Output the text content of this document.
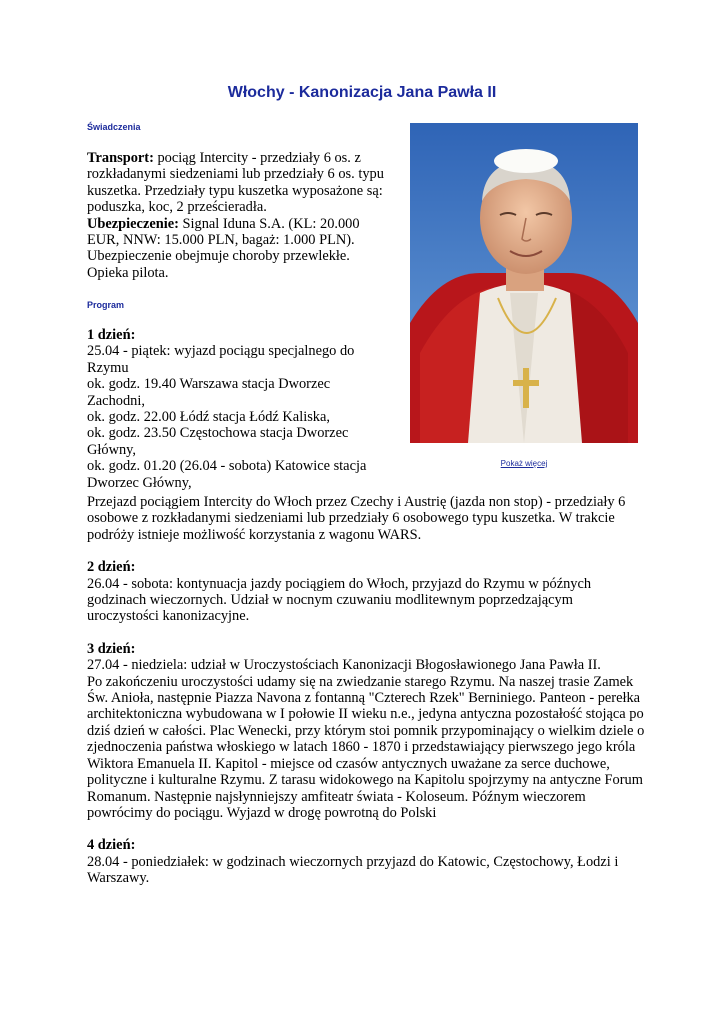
Włochy - Kanonizacja Jana Pawła II
Świadczenia

Transport: pociąg Intercity - przedziały 6 os. z rozkładanymi siedzeniami lub przedziały 6 os. typu kuszetka. Przedziały typu kuszetka wyposażone są: poduszka, koc, 2 prześcieradła.

Ubezpieczenie: Signal Iduna S.A. (KL: 20.000 EUR, NNW: 15.000 PLN, bagaż: 1.000 PLN). Ubezpieczenie obejmuje choroby przewlekłe.

Opieka pilota.

Program

1 dzień:

25.04 - piątek: wyjazd pociągu specjalnego do Rzymu

ok. godz. 19.40 Warszawa stacja Dworzec Zachodni,

ok. godz. 22.00 Łódź stacja Łódź Kaliska,

ok. godz. 23.50 Częstochowa stacja Dworzec Główny,

ok. godz. 01.20 (26.04 - sobota) Katowice stacja Dworzec Główny,

Przejazd pociągiem Intercity do Włoch przez Czechy i Austrię (jazda non stop) - przedziały 6 osobowe z rozkładanymi siedzeniami lub przedziały 6 osobowego typu kuszetka. W trakcie podróży istnieje możliwość korzystania z wagonu WARS.

2 dzień:

26.04 - sobota: kontynuacja jazdy pociągiem do Włoch, przyjazd do Rzymu w późnych godzinach wieczornych. Udział w nocnym czuwaniu modlitewnym poprzedzającym uroczystości kanonizacyjne.

3 dzień:

27.04 - niedziela: udział w Uroczystościach Kanonizacji Błogosławionego Jana Pawła II.

Po zakończeniu uroczystości udamy się na zwiedzanie starego Rzymu. Na naszej trasie Zamek Św. Anioła, następnie Piazza Navona z fontanną "Czterech Rzek" Berniniego. Panteon - perełka architektoniczna wybudowana w I połowie II wieku n.e., jedyna antyczna pozostałość stojąca po dziś dzień w całości. Plac Wenecki, przy którym stoi pomnik przypominający o wielkim dziele o zjednoczenia państwa włoskiego w latach 1860 - 1870 i przedstawiający pierwszego jego króla Wiktora Emanuela II. Kapitol - miejsce od czasów antycznych uważane za serce duchowe, polityczne i kulturalne Rzymu. Z tarasu widokowego na Kapitolu spojrzymy na antyczne Forum Romanum. Następnie najsłynniejszy amfiteatr świata - Koloseum. Późnym wieczorem powrócimy do pociągu. Wyjazd w drogę powrotną do Polski

4 dzień:

28.04 - poniedziałek: w godzinach wieczornych przyjazd do Katowic, Częstochowy, Łodzi i Warszawy.

Pokaż więcej
